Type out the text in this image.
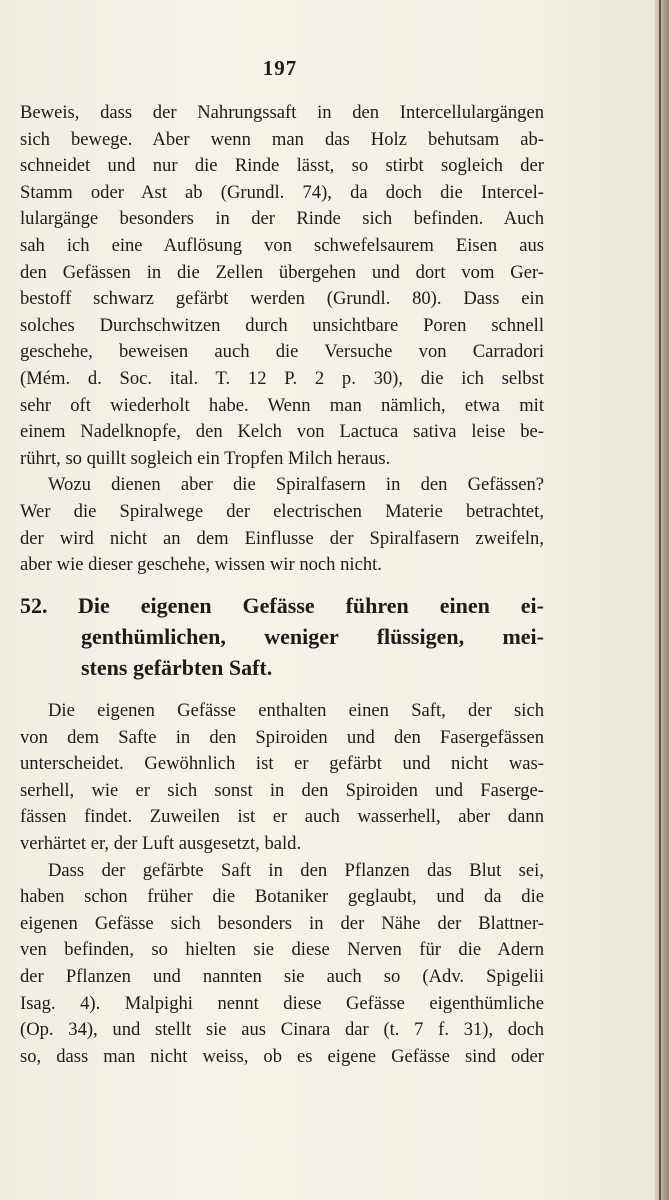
197
Beweis, dass der Nahrungssaft in den Intercellulargängen
sich bewege. Aber wenn man das Holz behutsam ab-
schneidet und nur die Rinde lässt, so stirbt sogleich der
Stamm oder Ast ab (Grundl. 74), da doch die Intercel-
lulargänge besonders in der Rinde sich befinden. Auch
sah ich eine Auflösung von schwefelsaurem Eisen aus
den Gefässen in die Zellen übergehen und dort vom Ger-
bestoff schwarz gefärbt werden (Grundl. 80). Dass ein
solches Durchschwitzen durch unsichtbare Poren schnell
geschehe, beweisen auch die Versuche von Carradori
(Mém. d. Soc. ital. T. 12 P. 2 p. 30), die ich selbst
sehr oft wiederholt habe. Wenn man nämlich, etwa mit
einem Nadelknopfe, den Kelch von Lactuca sativa leise be-
rührt, so quillt sogleich ein Tropfen Milch heraus.
Wozu dienen aber die Spiralfasern in den Gefässen?
Wer die Spiralwege der electrischen Materie betrachtet,
der wird nicht an dem Einflusse der Spiralfasern zweifeln,
aber wie dieser geschehe, wissen wir noch nicht.
52. Die eigenen Gefässe führen einen ei-
genthümlichen, weniger flüssigen, mei-
stens gefärbten Saft.
Die eigenen Gefässe enthalten einen Saft, der sich
von dem Safte in den Spiroiden und den Fasergefässen
unterscheidet. Gewöhnlich ist er gefärbt und nicht was-
serhell, wie er sich sonst in den Spiroiden und Faserge-
fässen findet. Zuweilen ist er auch wasserhell, aber dann
verhärtet er, der Luft ausgesetzt, bald.
Dass der gefärbte Saft in den Pflanzen das Blut sei,
haben schon früher die Botaniker geglaubt, und da die
eigenen Gefässe sich besonders in der Nähe der Blattner-
ven befinden, so hielten sie diese Nerven für die Adern
der Pflanzen und nannten sie auch so (Adv. Spigelii
Isag. 4). Malpighi nennt diese Gefässe eigenthümliche
(Op. 34), und stellt sie aus Cinara dar (t. 7 f. 31), doch
so, dass man nicht weiss, ob es eigene Gefässe sind oder
